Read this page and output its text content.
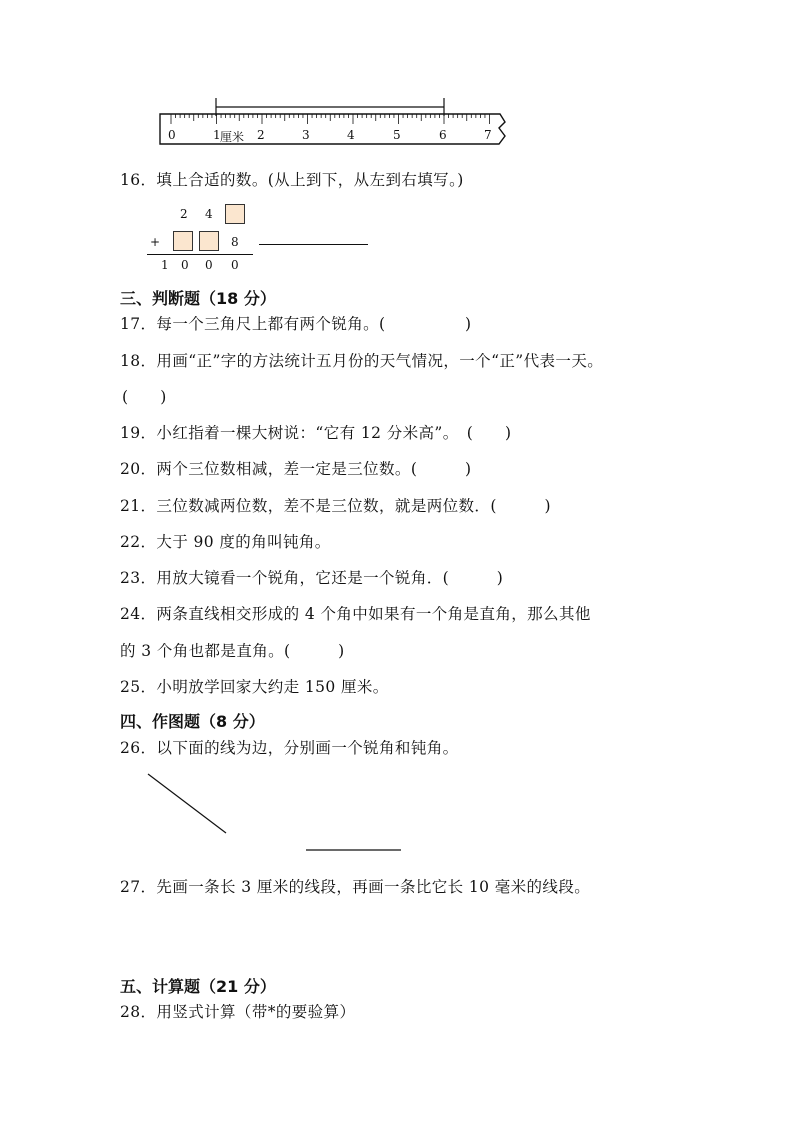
0	1 厘米 2	3	4	5	6	7
16．填上合适的数。(从上到下，从左到右填写。)
2 4
+	8
1 0 0 0
三、判断题（18 分）
17．每一个三角尺上都有两个锐角。(　　　　　)
18．用画“正”字的方法统计五月份的天气情况，一个“正”代表一天。
(　　)
19．小红指着一棵大树说：“它有 12 分米高”。　(　　)
20．两个三位数相减，差一定是三位数。(　　　)
21．三位数减两位数，差不是三位数，就是两位数．(　　　)
22．大于 90 度的角叫钝角。
23．用放大镜看一个锐角，它还是一个锐角．(　　　)
24．两条直线相交形成的 4 个角中如果有一个角是直角，那么其他
的 3 个角也都是直角。(　　　)
25．小明放学回家大约走 150 厘米。
四、作图题（8 分）
26．以下面的线为边，分别画一个锐角和钝角。
27．先画一条长 3 厘米的线段，再画一条比它长 10 毫米的线段。
五、计算题（21 分）
28．用竖式计算（带*的要验算）
